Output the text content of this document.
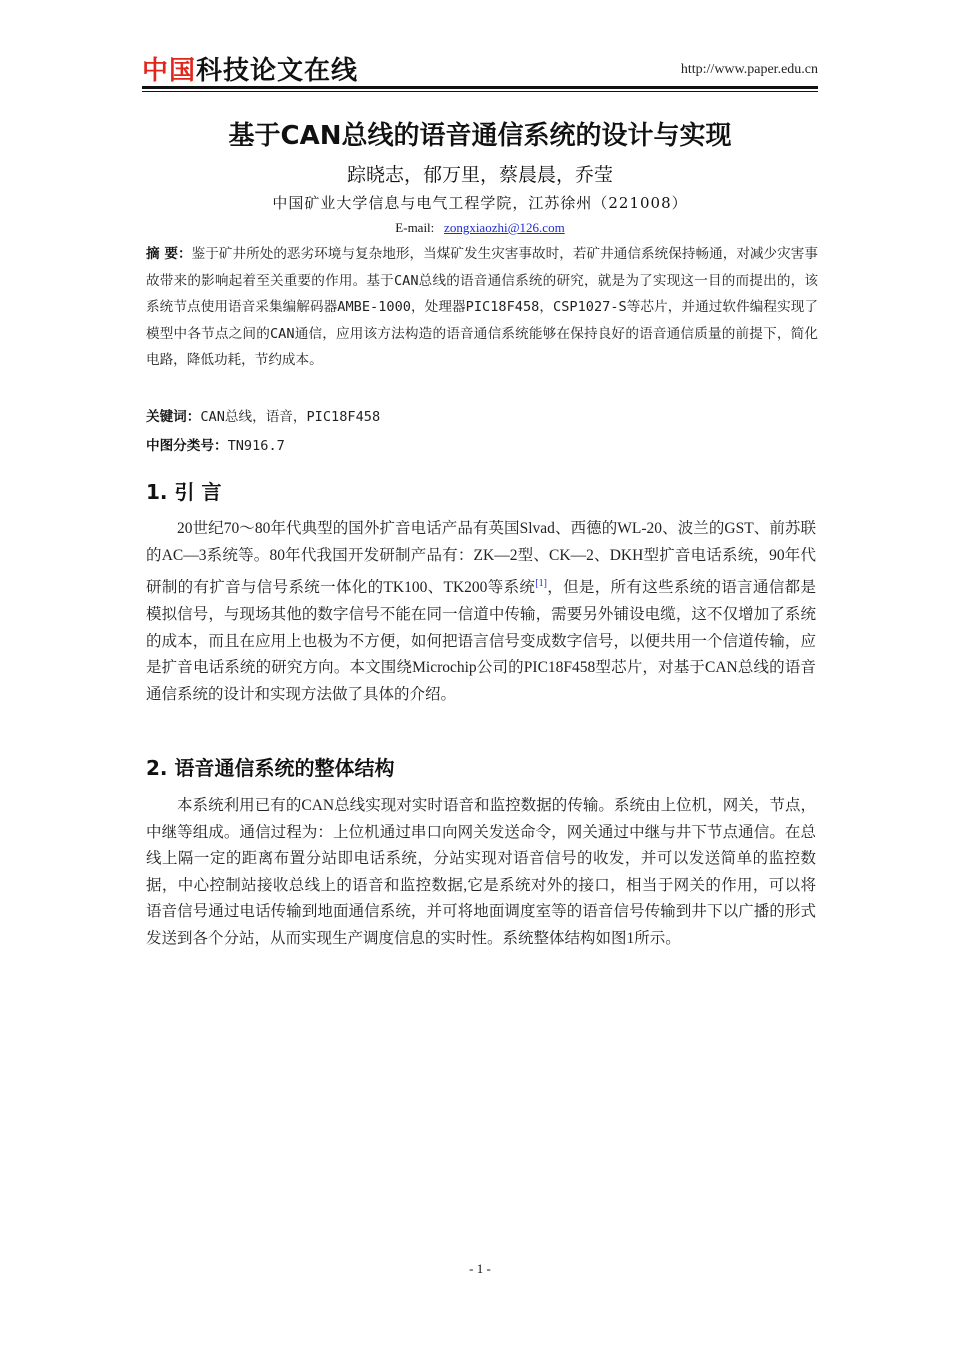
中国科技论文在线	http://www.paper.edu.cn
基于CAN总线的语音通信系统的设计与实现
踪晓志，郁万里，蔡晨晨，乔莹
中国矿业大学信息与电气工程学院，江苏徐州（221008）
E-mail: zongxiaozhi@126.com
摘 要：鉴于矿井所处的恶劣环境与复杂地形，当煤矿发生灾害事故时，若矿井通信系统保持畅通，对减少灾害事故带来的影响起着至关重要的作用。基于CAN总线的语音通信系统的研究，就是为了实现这一目的而提出的，该系统节点使用语音采集编解码器AMBE-1000，处理器PIC18F458，CSP1027-S等芯片，并通过软件编程实现了模型中各节点之间的CAN通信，应用该方法构造的语音通信系统能够在保持良好的语音通信质量的前提下，简化电路，降低功耗，节约成本。
关键词：CAN总线，语音，PIC18F458
中图分类号：TN916.7
1. 引 言
20世纪70～80年代典型的国外扩音电话产品有英国Slvad、西德的WL-20、波兰的GST、前苏联的AC—3系统等。80年代我国开发研制产品有：ZK—2型、CK—2、DKH型扩音电话系统，90年代研制的有扩音与信号系统一体化的TK100、TK200等系统[1]，但是，所有这些系统的语言通信都是模拟信号，与现场其他的数字信号不能在同一信道中传输，需要另外铺设电缆，这不仅增加了系统的成本，而且在应用上也极为不方便，如何把语言信号变成数字信号，以便共用一个信道传输，应是扩音电话系统的研究方向。本文围绕Microchip公司的PIC18F458型芯片，对基于CAN总线的语音通信系统的设计和实现方法做了具体的介绍。
2. 语音通信系统的整体结构
本系统利用已有的CAN总线实现对实时语音和监控数据的传输。系统由上位机，网关，节点，中继等组成。通信过程为：上位机通过串口向网关发送命令，网关通过中继与井下节点通信。在总线上隔一定的距离布置分站即电话系统，分站实现对语音信号的收发，并可以发送简单的监控数据，中心控制站接收总线上的语音和监控数据,它是系统对外的接口，相当于网关的作用，可以将语音信号通过电话传输到地面通信系统，并可将地面调度室等的语音信号传输到井下以广播的形式发送到各个分站，从而实现生产调度信息的实时性。系统整体结构如图1所示。
- 1 -
